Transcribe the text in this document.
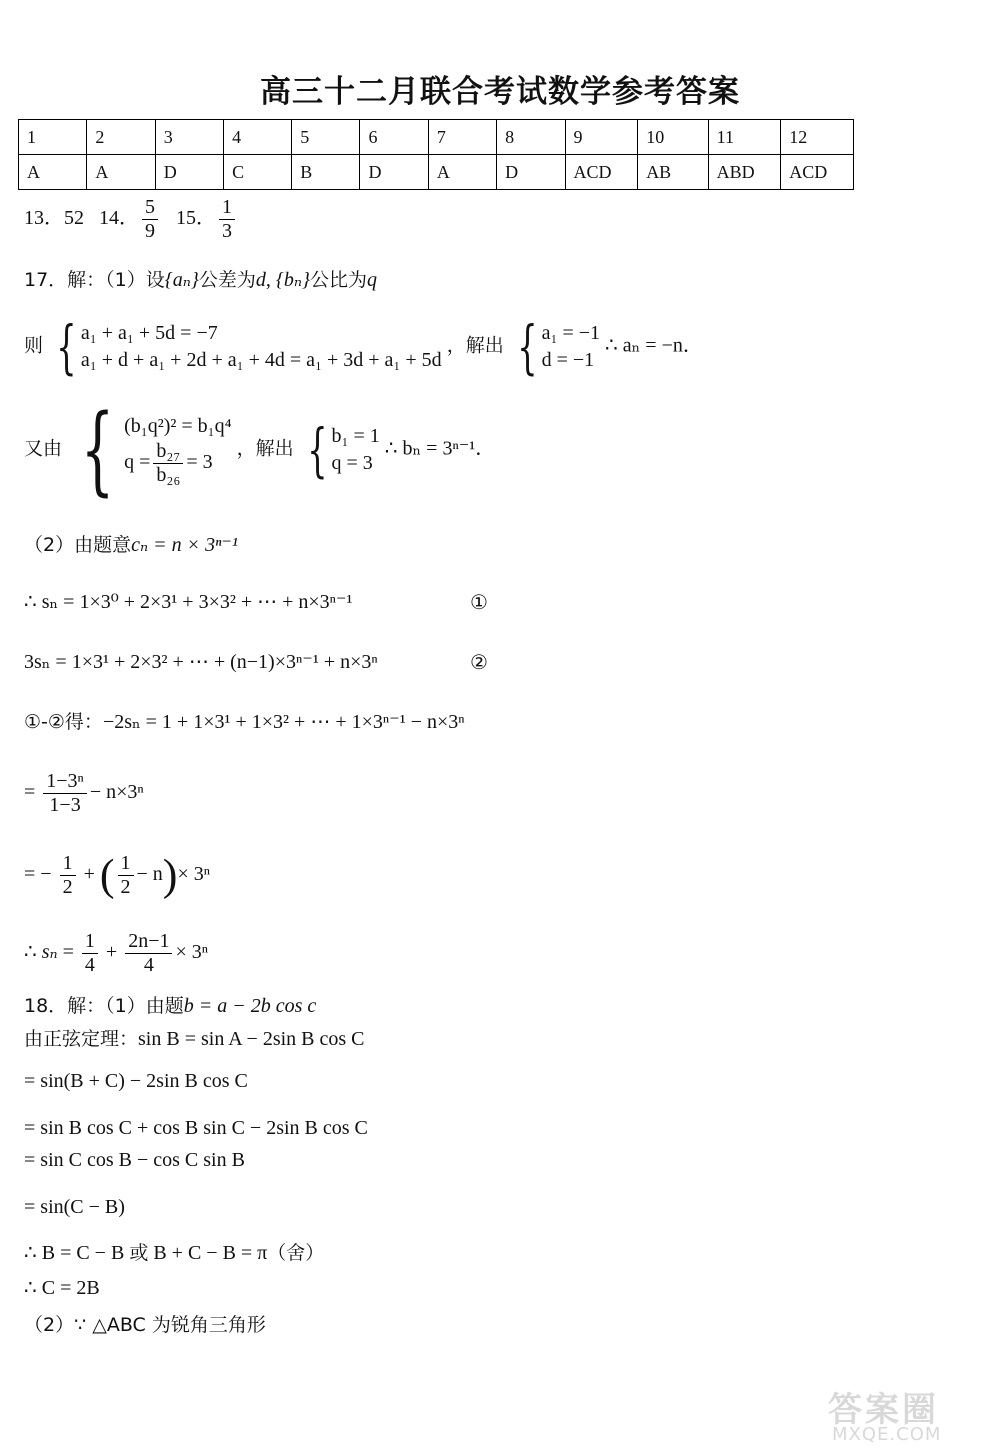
高三十二月联合考试数学参考答案
1	2	3	4	5	6	7	8	9	10	11	12
A	A	D	C	B	D	A	D	ACD	AB	ABD	ACD
13．52 14． $\frac{5}{9} 15$． $\frac{1}{3}$
17．解：（1）设{aₙ}公差为d, {bₙ}公比为q
则 { a₁ + a₁ + 5d = −7
a₁ + d + a₁ + 2d + a₁ + 4d = a₁ + 3d + a₁ + 5d
，解出 { a₁ = −1
d = −1
∴ aₙ = −n．
又由 { (b₁q²)² = b₁q⁴
$q = \frac{\text{b₂₇}}{\text{b₂₆}} = 3$
，解出 { b₁ = 1
q = 3
∴ bₙ = 3ⁿ⁻¹．
（2）由题意cₙ = n × 3ⁿ⁻¹
∴ sₙ = 1×3⁰ + 2×3¹ + 3×3² + ⋯ + n×3ⁿ⁻¹	①
3sₙ = 1×3¹ + 2×3² + ⋯ + (n−1)×3ⁿ⁻¹ + n×3ⁿ	②
①-②得：−2sₙ = 1 + 1×3¹ + 1×3² + ⋯ + 1×3ⁿ⁻¹ − n×3ⁿ
= $\frac{\text{1−3ⁿ}}{1-3} - n\times 3^n$
= − $\frac{1}{2}$ + ( $\frac{1}{2} - n)\times 3^n$
∴ $s_n = \frac{1}{4} + \frac{2n-1}{4} \times 3^n$
18．解：（1）由题b = a − 2b cos c
由正弦定理：sin B = sin A − 2sin B cos C
= sin(B + C) − 2sin B cos C
= sin B cos C + cos B sin C − 2sin B cos C
= sin C cos B − cos C sin B
= sin(C − B)
∴ B = C − B 或 B + C − B = π（舍）
∴ C = 2B
（2）∵ △ABC 为锐角三角形
答案圈
MXQE.COM
